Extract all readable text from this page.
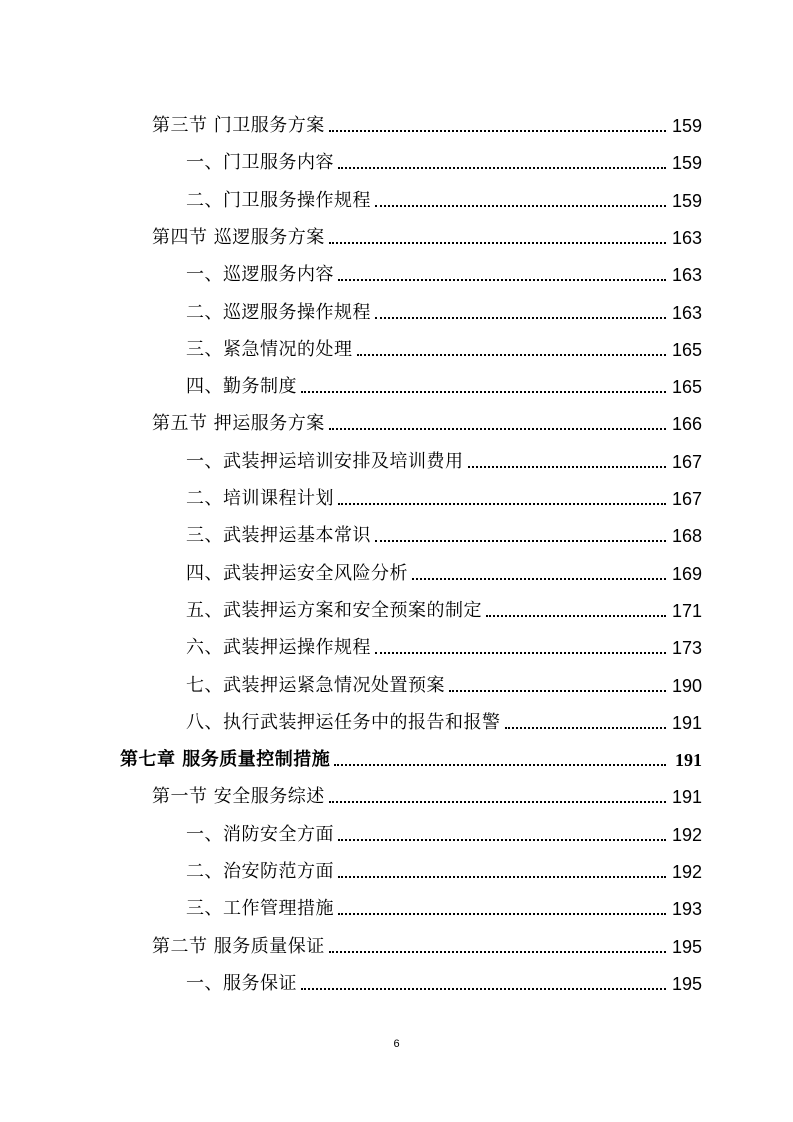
第三节 门卫服务方案	159
一、门卫服务内容	159
二、门卫服务操作规程	159
第四节 巡逻服务方案	163
一、巡逻服务内容	163
二、巡逻服务操作规程	163
三、紧急情况的处理	165
四、勤务制度	165
第五节 押运服务方案	166
一、武装押运培训安排及培训费用	167
二、培训课程计划	167
三、武装押运基本常识	168
四、武装押运安全风险分析	169
五、武装押运方案和安全预案的制定	171
六、武装押运操作规程	173
七、武装押运紧急情况处置预案	190
八、执行武装押运任务中的报告和报警	191
第七章 服务质量控制措施	191
第一节 安全服务综述	191
一、消防安全方面	192
二、治安防范方面	192
三、工作管理措施	193
第二节 服务质量保证	195
一、服务保证	195
6
